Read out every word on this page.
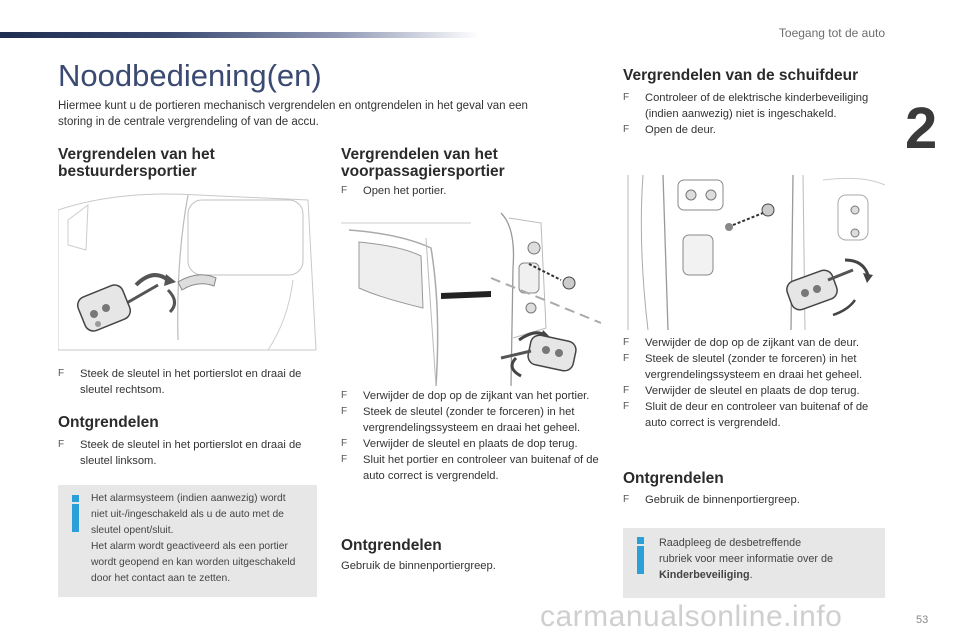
Toegang tot de auto
2
Noodbediening(en)
Hiermee kunt u de portieren mechanisch vergrendelen en ontgrendelen in het geval van een storing in de centrale vergrendeling of van de accu.
Vergrendelen van het
bestuurdersportier
F Steek de sleutel in het portierslot en draai de sleutel rechtsom.
Ontgrendelen
F Steek de sleutel in het portierslot en draai de sleutel linksom.
Het alarmsysteem (indien aanwezig) wordt
niet uit-/ingeschakeld als u de auto met de
sleutel opent/sluit.
Het alarm wordt geactiveerd als een portier
wordt geopend en kan worden uitgeschakeld
door het contact aan te zetten.
Vergrendelen van het
voorpassagiersportier
F Open het portier.
F Verwijder de dop op de zijkant van het portier.
F Steek de sleutel (zonder te forceren) in het vergrendelingssysteem en draai het geheel.
F Verwijder de sleutel en plaats de dop terug.
F Sluit het portier en controleer van buitenaf of de auto correct is vergrendeld.
Ontgrendelen
Gebruik de binnenportiergreep.
Vergrendelen van de schuifdeur
F Controleer of de elektrische kinderbeveiliging (indien aanwezig) niet is ingeschakeld.
F Open de deur.
F Verwijder de dop op de zijkant van de deur.
F Steek de sleutel (zonder te forceren) in het vergrendelingssysteem en draai het geheel.
F Verwijder de sleutel en plaats de dop terug.
F Sluit de deur en controleer van buitenaf of de auto correct is vergrendeld.
Ontgrendelen
F Gebruik de binnenportiergreep.
Raadpleeg de desbetreffende
rubriek voor meer informatie over de
Kinderbeveiliging.
carmanualsonline.info	53
